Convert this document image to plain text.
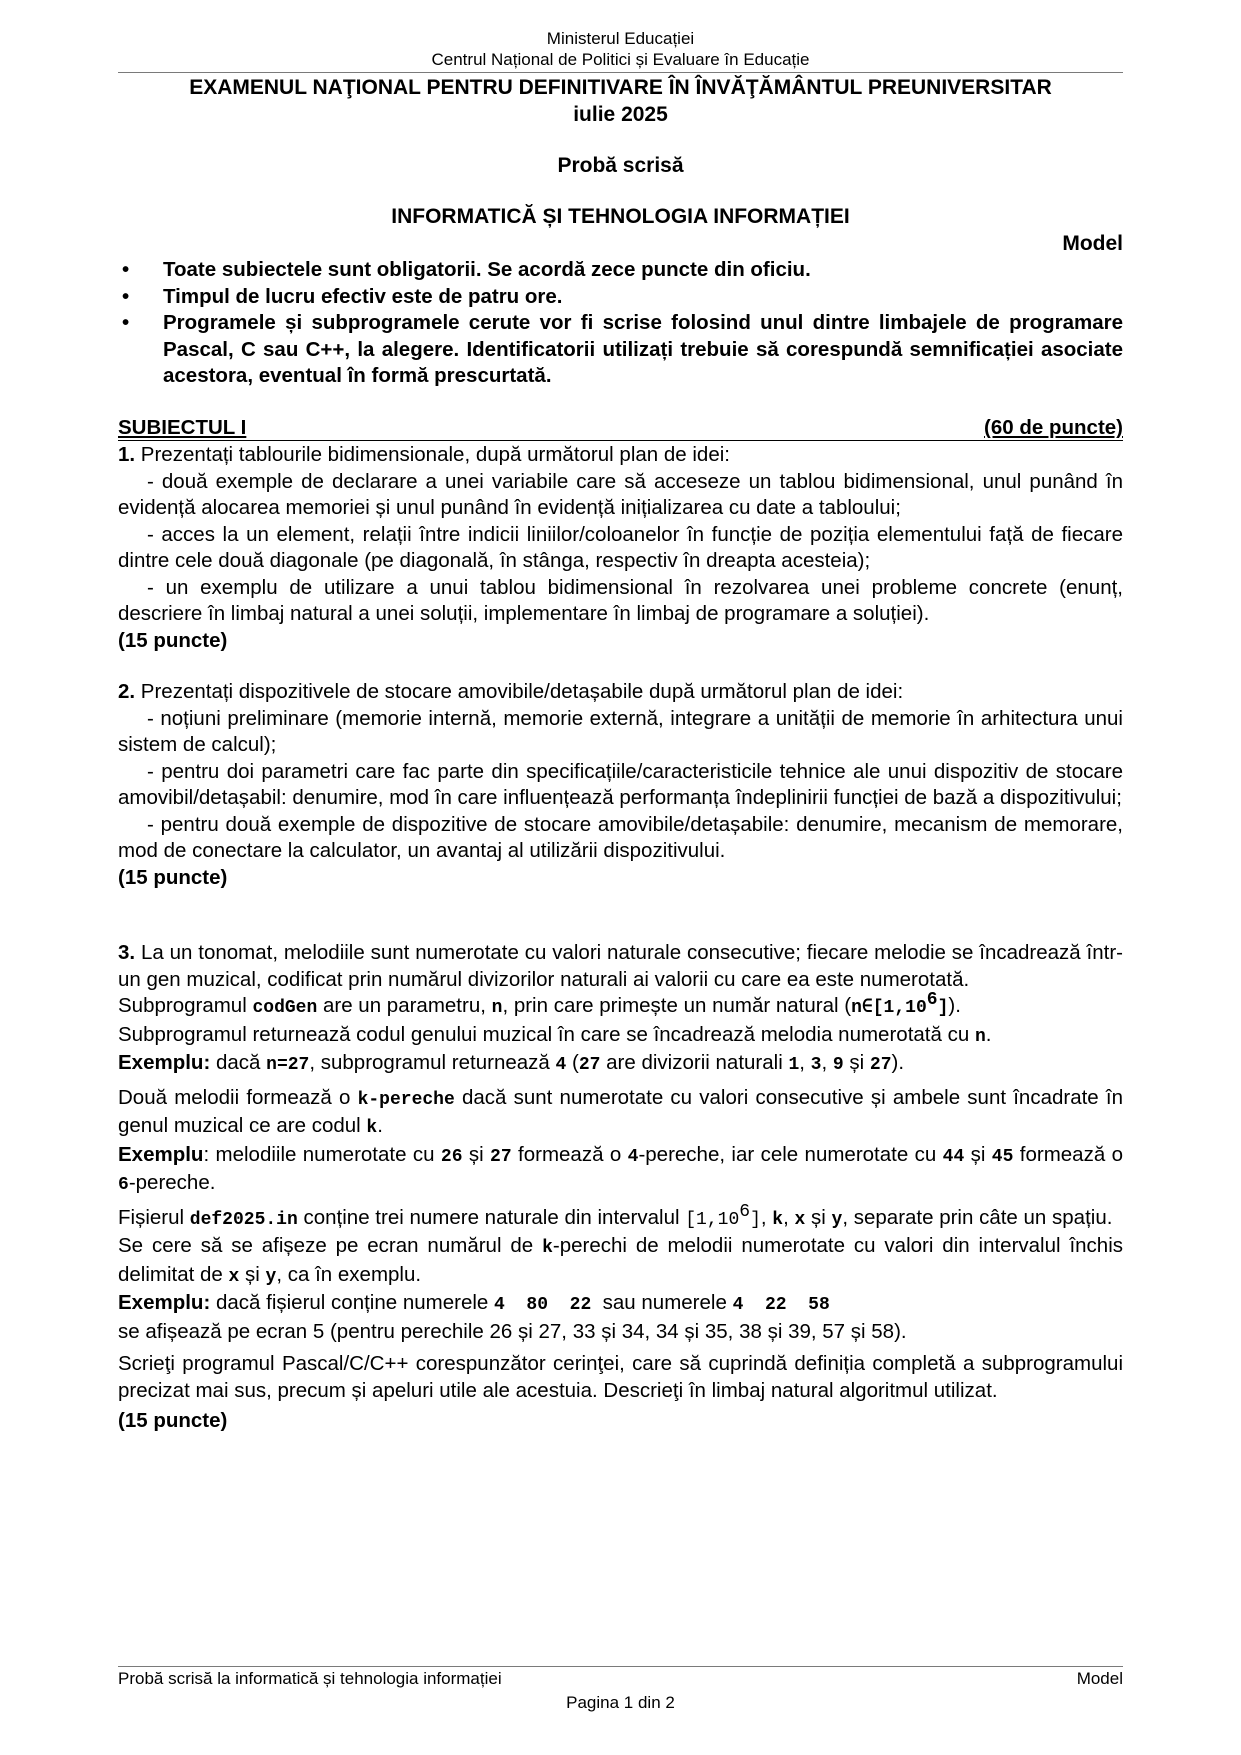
Ministerul Educației
Centrul Național de Politici și Evaluare în Educație
EXAMENUL NAŢIONAL PENTRU DEFINITIVARE ÎN ÎNVĂŢĂMÂNTUL PREUNIVERSITAR
iulie 2025
Probă scrisă
INFORMATICĂ ȘI TEHNOLOGIA INFORMAȚIEI
Model
• Toate subiectele sunt obligatorii. Se acordă zece puncte din oficiu.
• Timpul de lucru efectiv este de patru ore.
• Programele și subprogramele cerute vor fi scrise folosind unul dintre limbajele de programare Pascal, C sau C++, la alegere. Identificatorii utilizați trebuie să corespundă semnificației asociate acestora, eventual în formă prescurtată.
SUBIECTUL I	(60 de puncte)
1. Prezentați tablourile bidimensionale, după următorul plan de idei:
- două exemple de declarare a unei variabile care să acceseze un tablou bidimensional, unul punând în evidență alocarea memoriei și unul punând în evidență inițializarea cu date a tabloului;
- acces la un element, relații între indicii liniilor/coloanelor în funcție de poziția elementului față de fiecare dintre cele două diagonale (pe diagonală, în stânga, respectiv în dreapta acesteia);
- un exemplu de utilizare a unui tablou bidimensional în rezolvarea unei probleme concrete (enunț, descriere în limbaj natural a unei soluții, implementare în limbaj de programare a soluției).
(15 puncte)
2. Prezentați dispozitivele de stocare amovibile/detașabile după următorul plan de idei:
- noțiuni preliminare (memorie internă, memorie externă, integrare a unității de memorie în arhitectura unui sistem de calcul);
- pentru doi parametri care fac parte din specificațiile/caracteristicile tehnice ale unui dispozitiv de stocare amovibil/detașabil: denumire, mod în care influențează performanța îndeplinirii funcției de bază a dispozitivului;
- pentru două exemple de dispozitive de stocare amovibile/detașabile: denumire, mecanism de memorare, mod de conectare la calculator, un avantaj al utilizării dispozitivului.
(15 puncte)
3. La un tonomat, melodiile sunt numerotate cu valori naturale consecutive; fiecare melodie se încadrează într-un gen muzical, codificat prin numărul divizorilor naturali ai valorii cu care ea este numerotată.
Subprogramul codGen are un parametru, n, prin care primește un număr natural (n∈[1,10$^6$]).
Subprogramul returnează codul genului muzical în care se încadrează melodia numerotată cu n.
Exemplu: dacă n=27, subprogramul returnează 4 (27 are divizorii naturali 1, 3, 9 și 27).
Două melodii formează o k-pereche dacă sunt numerotate cu valori consecutive și ambele sunt încadrate în genul muzical ce are codul k.
Exemplu: melodiile numerotate cu 26 și 27 formează o 4-pereche, iar cele numerotate cu 44 și 45 formează o 6-pereche.
Fișierul def2025.in conține trei numere naturale din intervalul [1,10$^6$], k, x și y, separate prin câte un spațiu.
Se cere să se afișeze pe ecran numărul de k-perechi de melodii numerotate cu valori din intervalul închis delimitat de x și y, ca în exemplu.
Exemplu: dacă fișierul conține numerele 4  80  22  sau numerele 4  22  58
se afișează pe ecran 5 (pentru perechile 26 și 27, 33 și 34, 34 și 35, 38 și 39, 57 și 58).
Scrieţi programul Pascal/C/C++ corespunzător cerinţei, care să cuprindă definiția completă a subprogramului precizat mai sus, precum și apeluri utile ale acestuia. Descrieţi în limbaj natural algoritmul utilizat.
(15 puncte)
Probă scrisă la informatică și tehnologia informației	Model
Pagina 1 din 2
